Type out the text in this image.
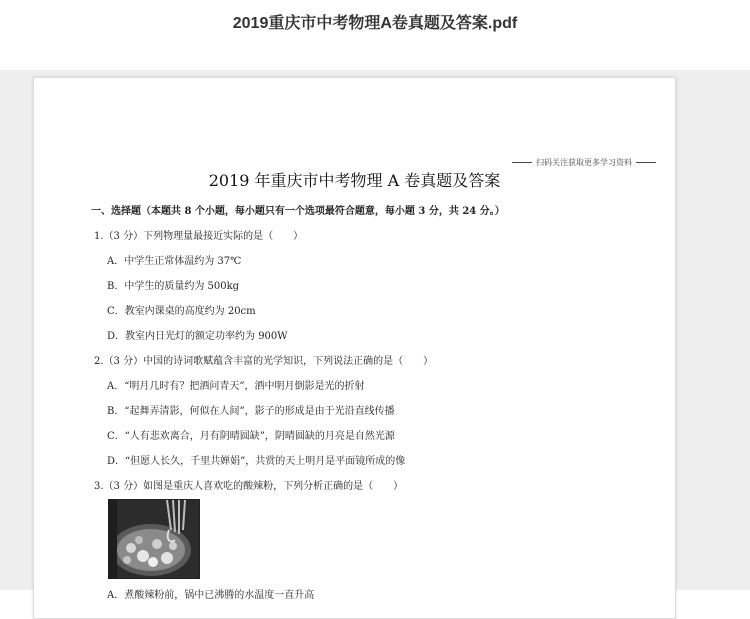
2019重庆市中考物理A卷真题及答案.pdf
扫码关注获取更多学习资料
2019 年重庆市中考物理 A 卷真题及答案
一、选择题（本题共 8 个小题，每小题只有一个选项最符合题意，每小题 3 分，共 24 分。）
1.（3 分）下列物理量最接近实际的是（　　）
A．中学生正常体温约为 37℃
B．中学生的质量约为 500kg
C．教室内课桌的高度约为 20cm
D．教室内日光灯的额定功率约为 900W
2.（3 分）中国的诗词歌赋蕴含丰富的光学知识，下列说法正确的是（　　）
A．“明月几时有？把酒问青天”，酒中明月倒影是光的折射
B．“起舞弄清影，何似在人间”，影子的形成是由于光沿直线传播
C．“人有悲欢离合，月有阴晴圆缺”，阴晴圆缺的月亮是自然光源
D．“但愿人长久，千里共婵娟”，共赏的天上明月是平面镜所成的像
3.（3 分）如图是重庆人喜欢吃的酸辣粉，下列分析正确的是（　　）
A．煮酸辣粉前，锅中已沸腾的水温度一直升高
